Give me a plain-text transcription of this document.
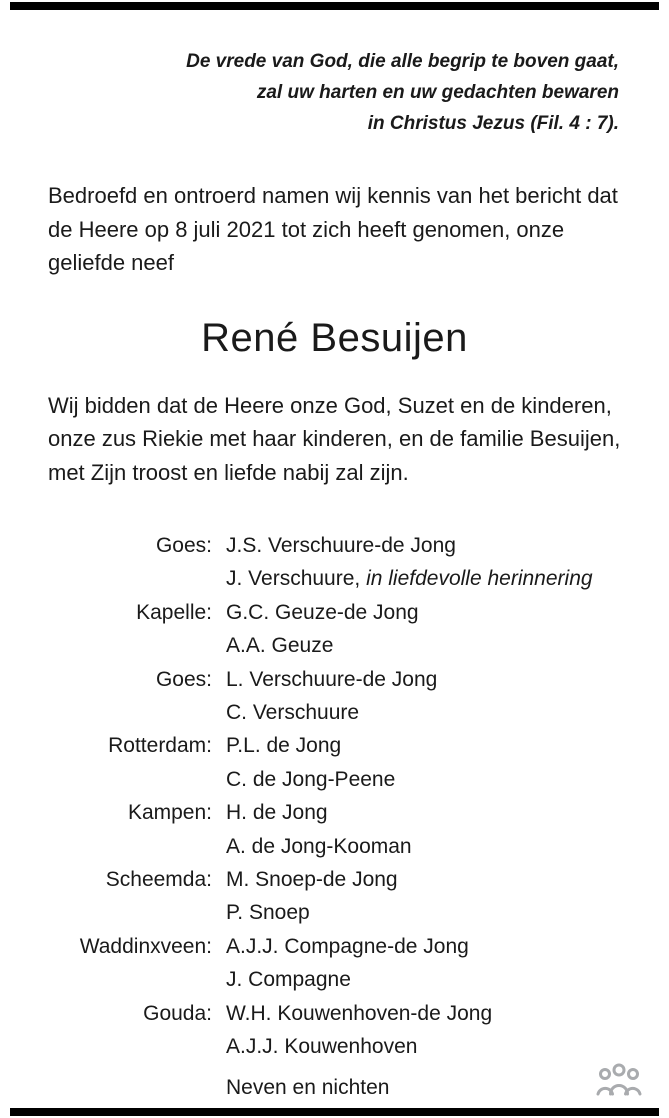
De vrede van God, die alle begrip te boven gaat,
zal uw harten en uw gedachten bewaren
in Christus Jezus (Fil. 4 : 7).

Bedroefd en ontroerd namen wij kennis van het bericht dat de Heere op 8 juli 2021 tot zich heeft genomen, onze geliefde neef

René Besuijen

Wij bidden dat de Heere onze God, Suzet en de kinderen, onze zus Riekie met haar kinderen, en de familie Besuijen, met Zijn troost en liefde nabij zal zijn.

Goes: J.S. Verschuure-de Jong
J. Verschuure, in liefdevolle herinnering
Kapelle: G.C. Geuze-de Jong
A.A. Geuze
Goes: L. Verschuure-de Jong
C. Verschuure
Rotterdam: P.L. de Jong
C. de Jong-Peene
Kampen: H. de Jong
A. de Jong-Kooman
Scheemda: M. Snoep-de Jong
P. Snoep
Waddinxveen: A.J.J. Compagne-de Jong
J. Compagne
Gouda: W.H. Kouwenhoven-de Jong
A.J.J. Kouwenhoven
Neven en nichten
